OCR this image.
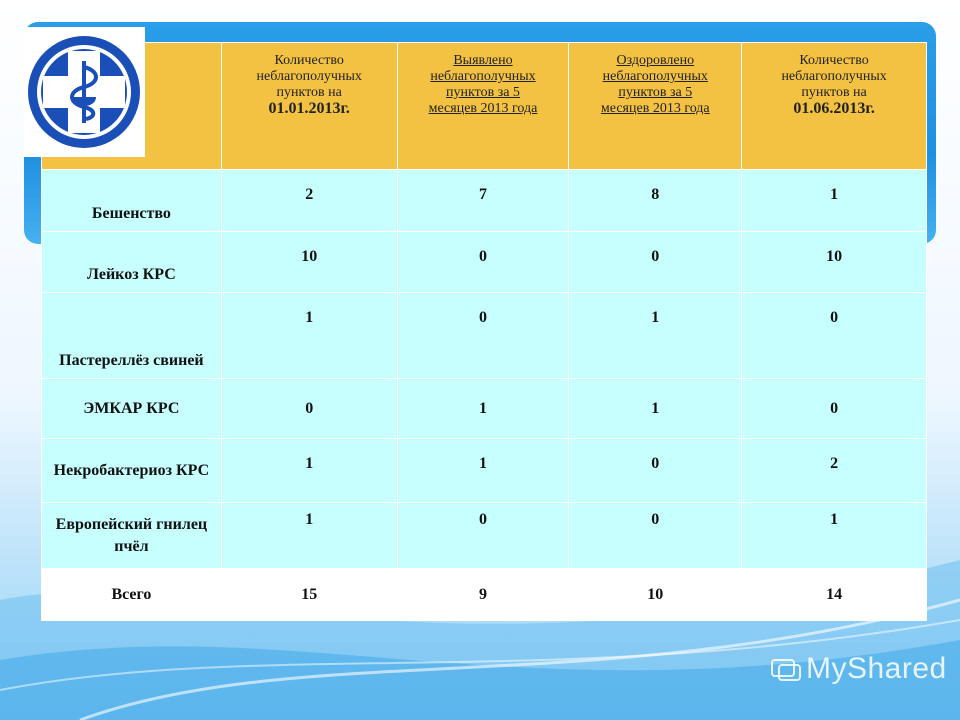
	Количество
неблагополучных
пунктов на
01.01.2013г.	Выявлено
неблагополучных
пунктов за 5
месяцев 2013 года	Оздоровлено
неблагополучных
пунктов за 5
месяцев 2013 года	Количество
неблагополучных
пунктов на
01.06.2013г.

Бешенство	2	7	8	1
Лейкоз КРС	10	0	0	10
Пастереллёз свиней	1	0	1	0
ЭМКАР КРС	0	1	1	0
Некробактериоз КРС	1	1	0	2
Европейский гнилец пчёл	1	0	0	1
Всего	15	9	10	14
MyShared
